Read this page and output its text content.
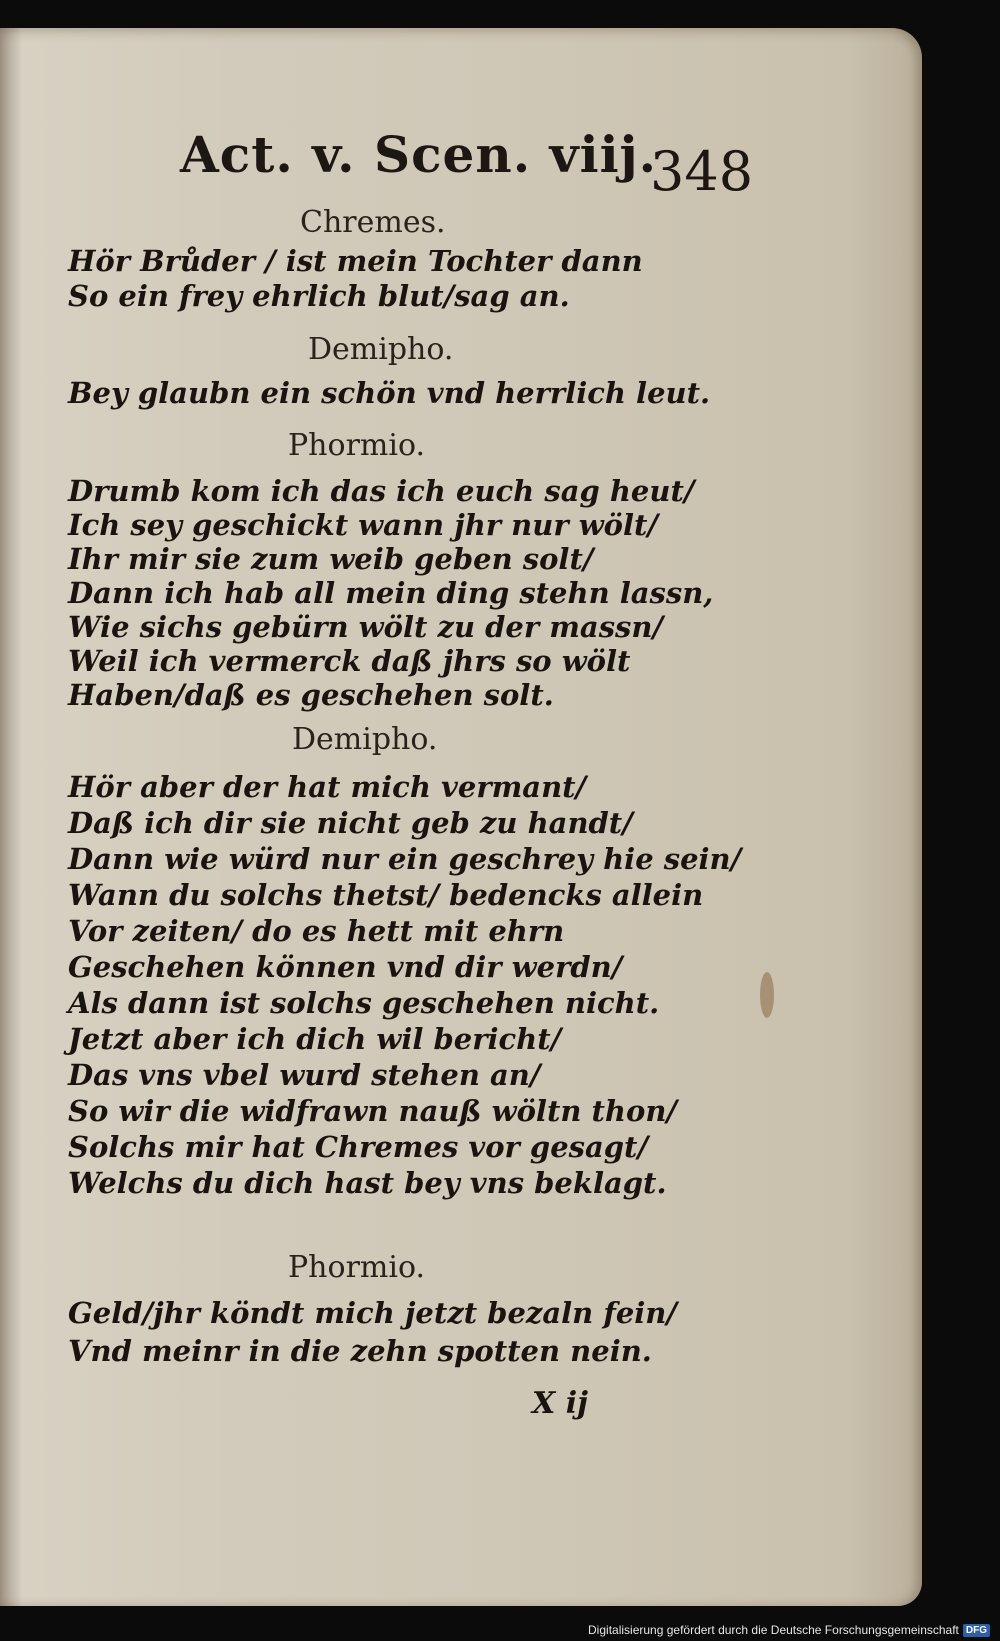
Act. v. Scen. viij.
348
Chremes.
Hör Brůder / ist mein Tochter dann
So ein frey ehrlich blut/sag an.
Demipho.
Bey glaubn ein schön vnd herrlich leut.
Phormio.
Drumb kom ich das ich euch sag heut/
Ich sey geschickt wann jhr nur wölt/
Ihr mir sie zum weib geben solt/
Dann ich hab all mein ding stehn lassn,
Wie sichs gebürn wölt zu der massn/
Weil ich vermerck daß jhrs so wölt
Haben/daß es geschehen solt.
Demipho.
Hör aber der hat mich vermant/
Daß ich dir sie nicht geb zu handt/
Dann wie würd nur ein geschrey hie sein/
Wann du solchs thetst/ bedencks allein
Vor zeiten/ do es hett mit ehrn
Geschehen können vnd dir werdn/
Als dann ist solchs geschehen nicht.
Jetzt aber ich dich wil bericht/
Das vns vbel wurd stehen an/
So wir die widfrawn nauß wöltn thon/
Solchs mir hat Chremes vor gesagt/
Welchs du dich hast bey vns beklagt.
Phormio.
Geld/jhr köndt mich jetzt bezaln fein/
Vnd meinr in die zehn spotten nein.
X ij
Digitalisierung gefördert durch die Deutsche Forschungsgemeinschaft DFG
